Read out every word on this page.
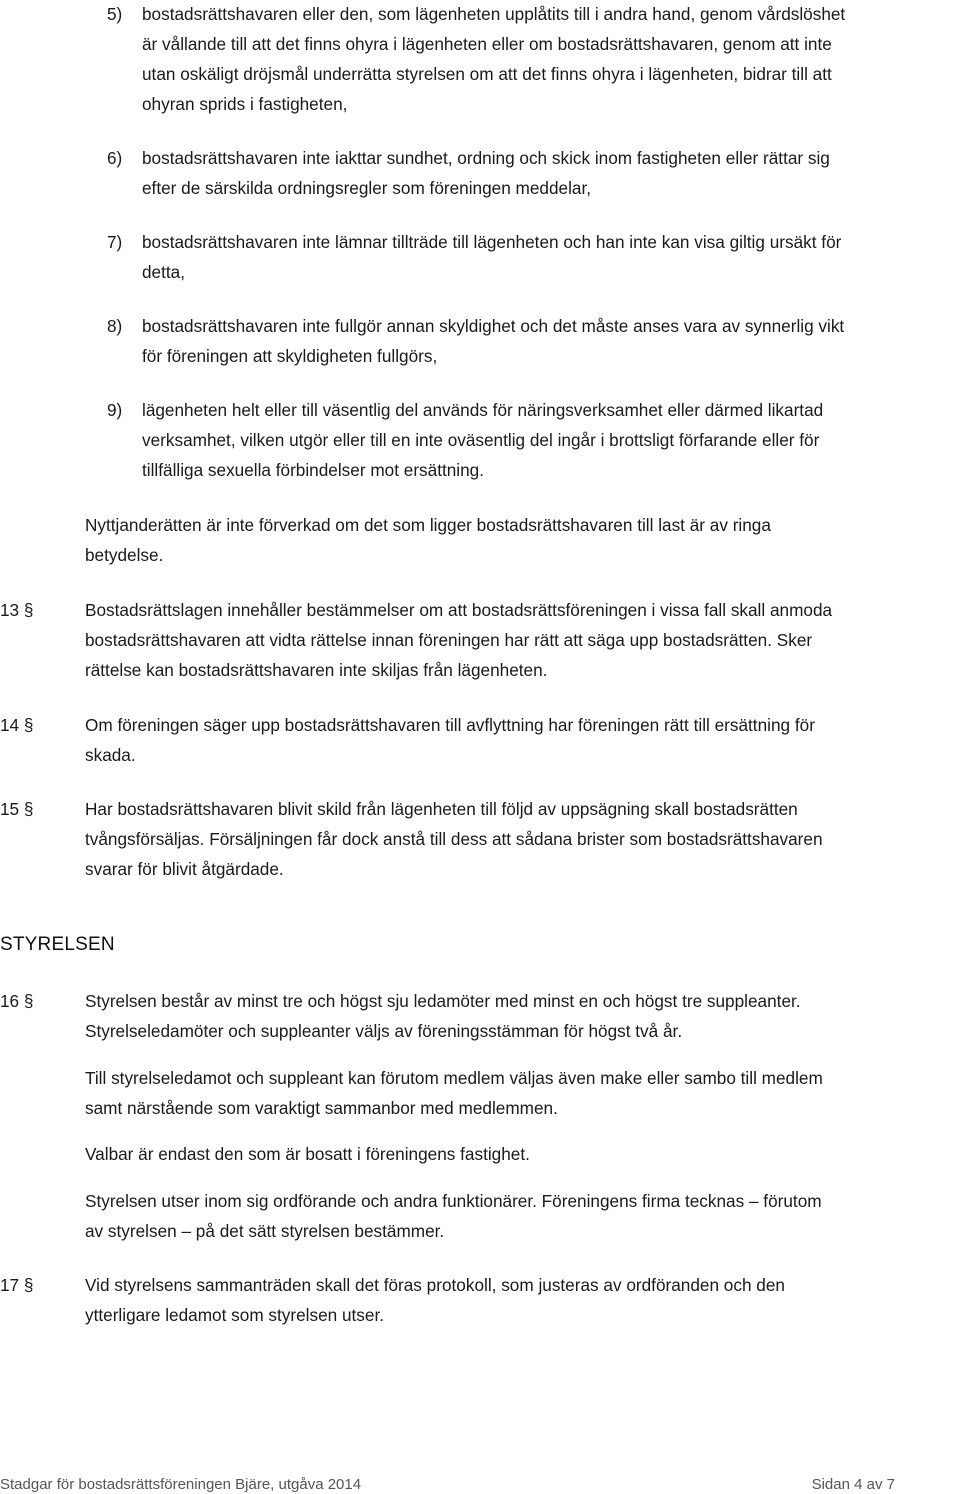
5) bostadsrättshavaren eller den, som lägenheten upplåtits till i andra hand, genom vårdslöshet
är vållande till att det finns ohyra i lägenheten eller om bostadsrättshavaren, genom att inte
utan oskäligt dröjsmål underrätta styrelsen om att det finns ohyra i lägenheten, bidrar till att
ohyran sprids i fastigheten,
6) bostadsrättshavaren inte iakttar sundhet, ordning och skick inom fastigheten eller rättar sig
efter de särskilda ordningsregler som föreningen meddelar,
7) bostadsrättshavaren inte lämnar tillträde till lägenheten och han inte kan visa giltig ursäkt för
detta,
8) bostadsrättshavaren inte fullgör annan skyldighet och det måste anses vara av synnerlig vikt
för föreningen att skyldigheten fullgörs,
9) lägenheten helt eller till väsentlig del används för näringsverksamhet eller därmed likartad
verksamhet, vilken utgör eller till en inte oväsentlig del ingår i brottsligt förfarande eller för
tillfälliga sexuella förbindelser mot ersättning.
Nyttjanderätten är inte förverkad om det som ligger bostadsrättshavaren till last är av ringa
betydelse.
13 §	Bostadsrättslagen innehåller bestämmelser om att bostadsrättsföreningen i vissa fall skall anmoda
bostadsrättshavaren att vidta rättelse innan föreningen har rätt att säga upp bostadsrätten. Sker
rättelse kan bostadsrättshavaren inte skiljas från lägenheten.
14 §	Om föreningen säger upp bostadsrättshavaren till avflyttning har föreningen rätt till ersättning för
skada.
15 §	Har bostadsrättshavaren blivit skild från lägenheten till följd av uppsägning skall bostadsrätten
tvångsförsäljas. Försäljningen får dock anstå till dess att sådana brister som bostadsrättshavaren
svarar för blivit åtgärdade.
STYRELSEN
16 §	Styrelsen består av minst tre och högst sju ledamöter med minst en och högst tre suppleanter.
Styrelseledamöter och suppleanter väljs av föreningsstämman för högst två år.
Till styrelseledamot och suppleant kan förutom medlem väljas även make eller sambo till medlem
samt närstående som varaktigt sammanbor med medlemmen.
Valbar är endast den som är bosatt i föreningens fastighet.
Styrelsen utser inom sig ordförande och andra funktionärer. Föreningens firma tecknas – förutom
av styrelsen – på det sätt styrelsen bestämmer.
17 §	Vid styrelsens sammanträden skall det föras protokoll, som justeras av ordföranden och den
ytterligare ledamot som styrelsen utser.
Stadgar för bostadsrättsföreningen Bjäre, utgåva 2014	Sidan 4 av 7
